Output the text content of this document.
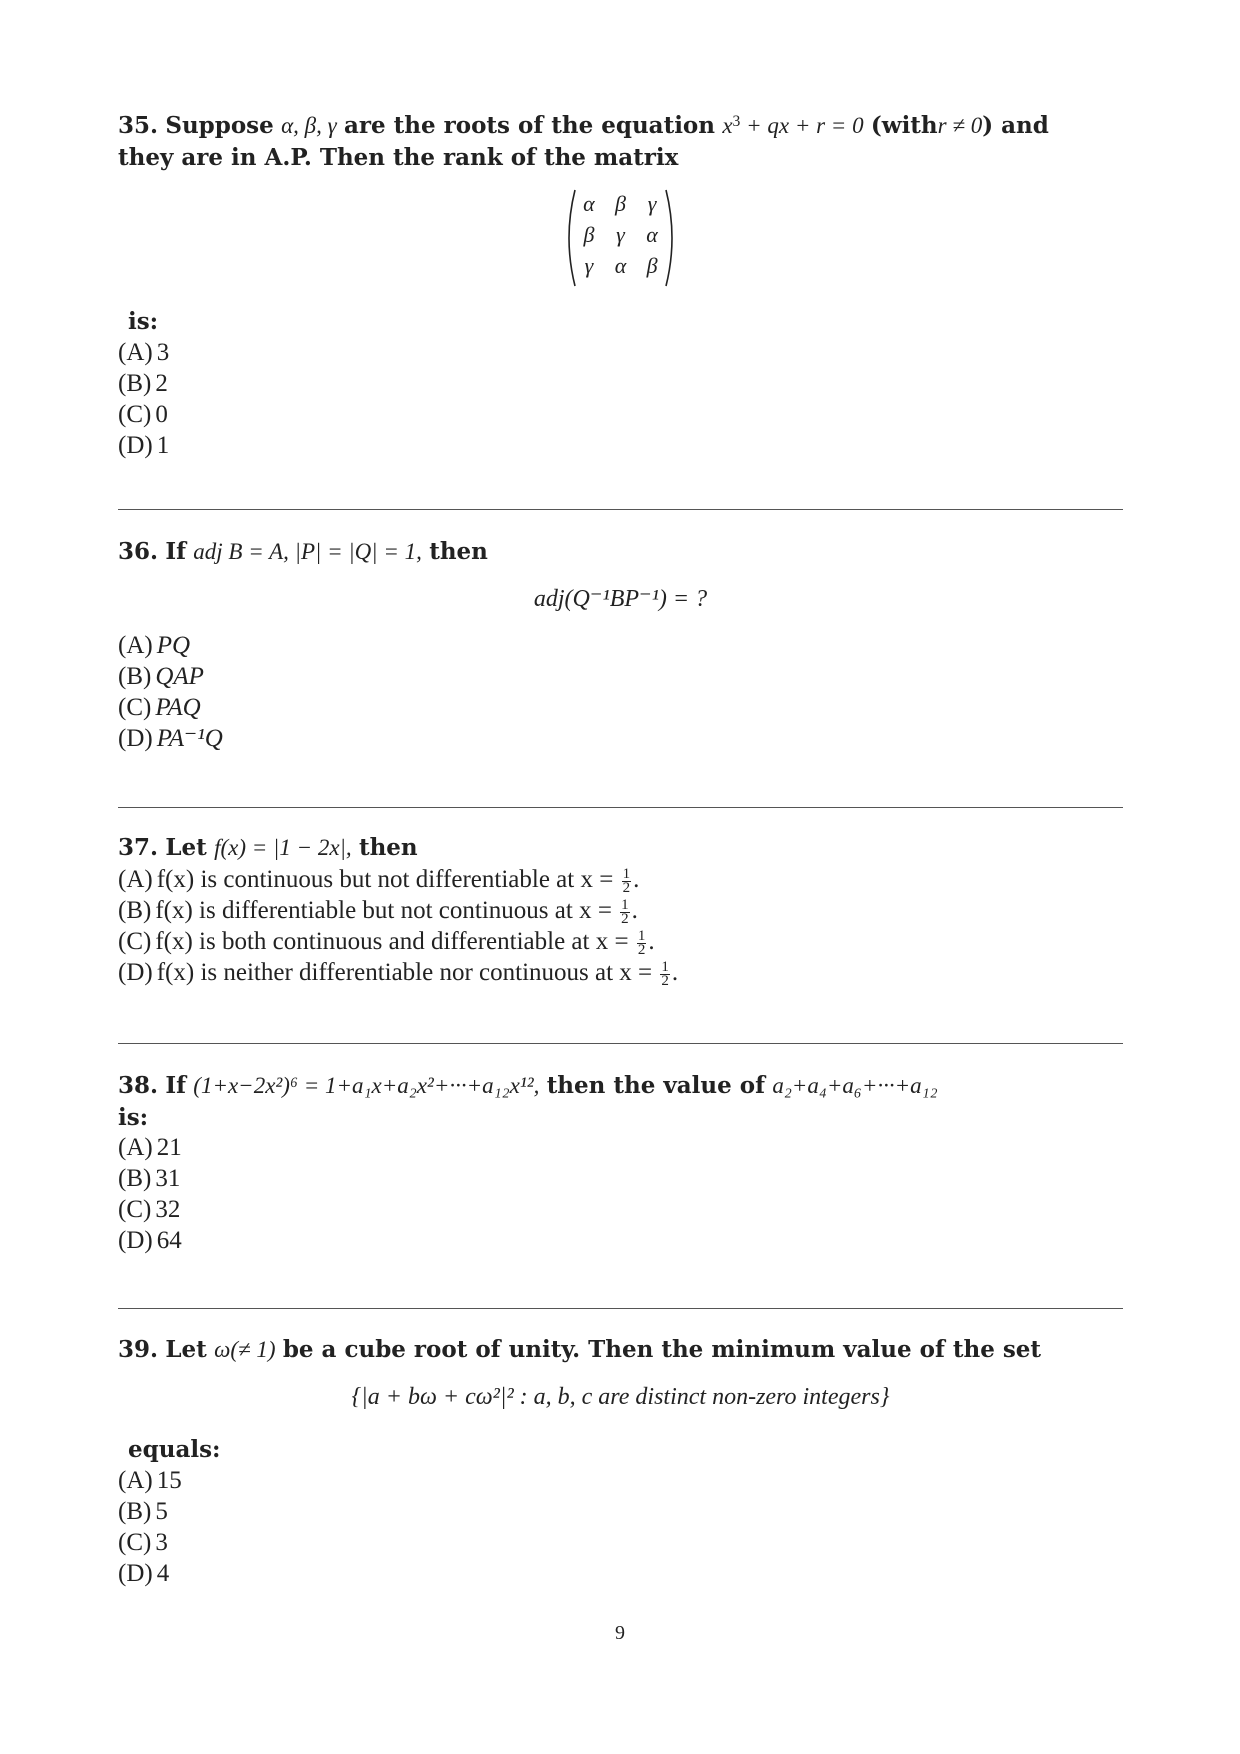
35. Suppose α, β, γ are the roots of the equation $x^3$ + qx + r = 0 (withr ≠ 0) and
they are in A.P. Then the rank of the matrix
α	β	γ
β	γ	α
γ	α	β
is:
(A) 3
(B) 2
(C) 0
(D) 1
36. If adj B = A, |P| = |Q| = 1, then
adj(Q⁻¹BP⁻¹) = ?
(A) PQ
(B) QAP
(C) PAQ
(D) PA⁻¹Q
37. Let f(x) = |1 − 2x|, then
(A) f(x) is continuous but not differentiable at $x = \frac{1}{2}$ .
(B) f(x) is differentiable but not continuous at $x = \frac{1}{2}$ .
(C) f(x) is both continuous and differentiable at $x = \frac{1}{2}$ .
(D) f(x) is neither differentiable nor continuous at $x = \frac{1}{2}$ .
38. If (1+x−2x²)⁶ = 1+a₁x+a₂x²+···+a₁₂x¹², then the value of a₂+a₄+a₆+···+a₁₂
is:
(A) 21
(B) 31
(C) 32
(D) 64
39. Let ω(≠ 1) be a cube root of unity. Then the minimum value of the set
{|a + bω + cω²|² : a, b, c are distinct non-zero integers}
equals:
(A) 15
(B) 5
(C) 3
(D) 4
9
